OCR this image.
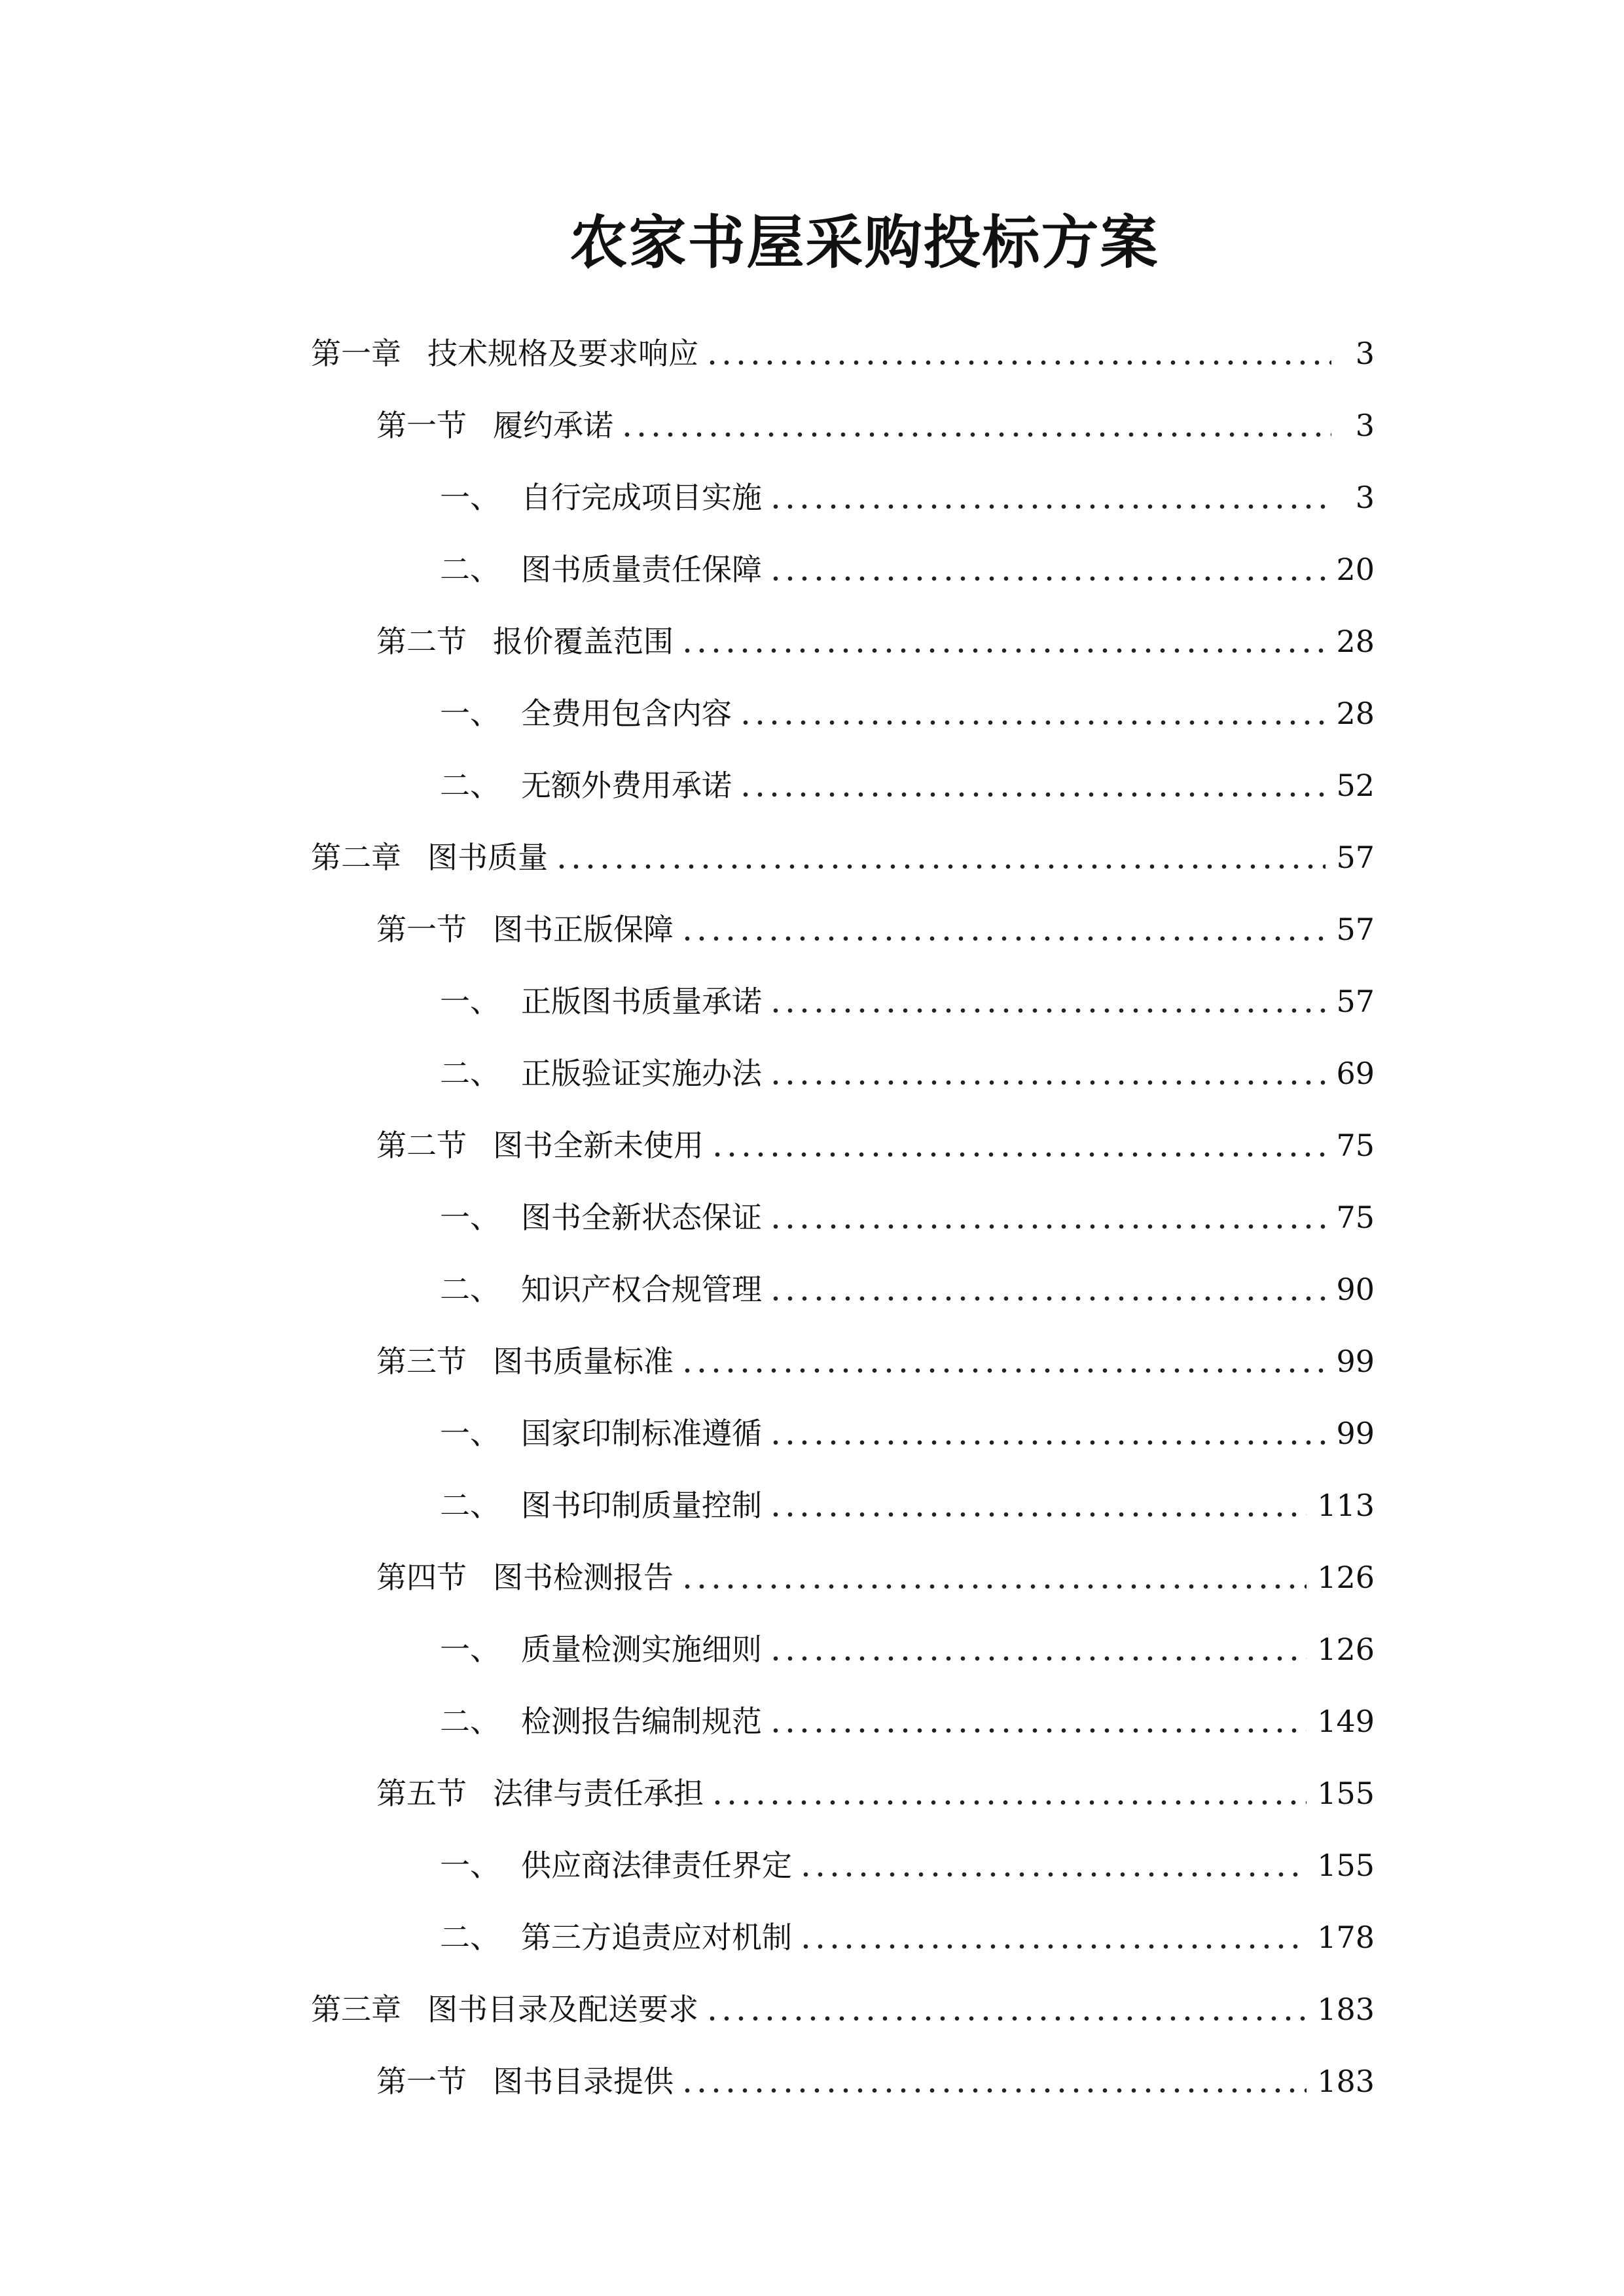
农家书屋采购投标方案
第一章 技术规格及要求响应	3
第一节 履约承诺	3
一、 自行完成项目实施	3
二、 图书质量责任保障	20
第二节 报价覆盖范围	28
一、 全费用包含内容	28
二、 无额外费用承诺	52
第二章 图书质量	57
第一节 图书正版保障	57
一、 正版图书质量承诺	57
二、 正版验证实施办法	69
第二节 图书全新未使用	75
一、 图书全新状态保证	75
二、 知识产权合规管理	90
第三节 图书质量标准	99
一、 国家印制标准遵循	99
二、 图书印制质量控制	113
第四节 图书检测报告	126
一、 质量检测实施细则	126
二、 检测报告编制规范	149
第五节 法律与责任承担	155
一、 供应商法律责任界定	155
二、 第三方追责应对机制	178
第三章 图书目录及配送要求	183
第一节 图书目录提供	183
